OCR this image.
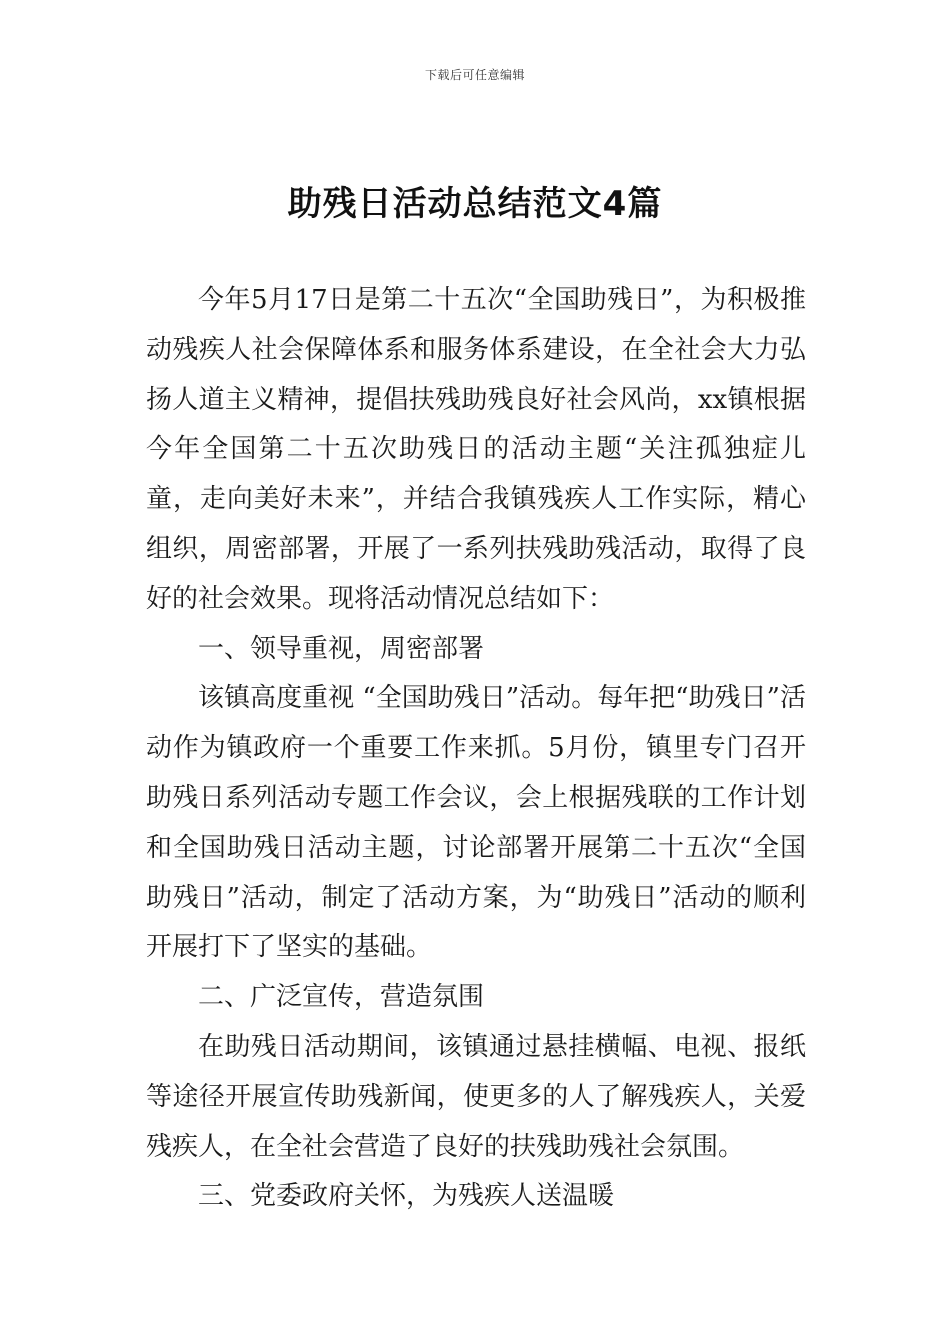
下载后可任意编辑
助残日活动总结范文4篇

今年5月17日是第二十五次“全国助残日”，为积极推动残疾人社会保障体系和服务体系建设，在全社会大力弘扬人道主义精神，提倡扶残助残良好社会风尚，xx镇根据今年全国第二十五次助残日的活动主题“关注孤独症儿童，走向美好未来”，并结合我镇残疾人工作实际，精心组织，周密部署，开展了一系列扶残助残活动，取得了良好的社会效果。现将活动情况总结如下：

一、领导重视，周密部署

该镇高度重视 “全国助残日”活动。每年把“助残日”活动作为镇政府一个重要工作来抓。5月份，镇里专门召开助残日系列活动专题工作会议，会上根据残联的工作计划和全国助残日活动主题，讨论部署开展第二十五次“全国助残日”活动，制定了活动方案，为“助残日”活动的顺利开展打下了坚实的基础。

二、广泛宣传，营造氛围

在助残日活动期间，该镇通过悬挂横幅、电视、报纸等途径开展宣传助残新闻，使更多的人了解残疾人，关爱残疾人，在全社会营造了良好的扶残助残社会氛围。

三、党委政府关怀，为残疾人送温暖
